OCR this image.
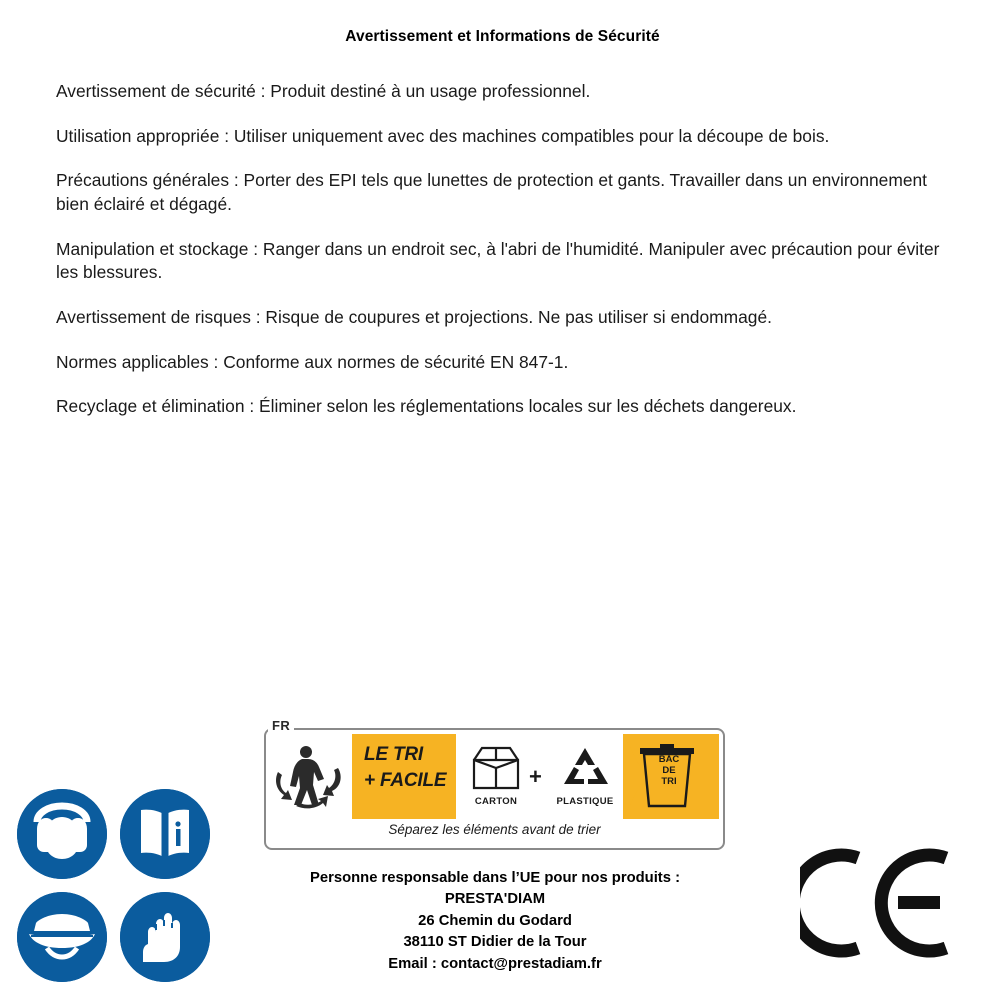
Avertissement et Informations de Sécurité
Avertissement de sécurité : Produit destiné à un usage professionnel.
Utilisation appropriée : Utiliser uniquement avec des machines compatibles pour la découpe de bois.
Précautions générales : Porter des EPI tels que lunettes de protection et gants. Travailler dans un environnement bien éclairé et dégagé.
Manipulation et stockage : Ranger dans un endroit sec, à l'abri de l'humidité. Manipuler avec précaution pour éviter les blessures.
Avertissement de risques : Risque de coupures et projections. Ne pas utiliser si endommagé.
Normes applicables : Conforme aux normes de sécurité EN 847-1.
Recyclage et élimination : Éliminer selon les réglementations locales sur les déchets dangereux.
FR
LE TRI
+ FACILE
CARTON
+
PLASTIQUE
BAC
DE
TRI
Séparez les éléments avant de trier
Personne responsable dans l’UE pour nos produits :
PRESTA'DIAM
26 Chemin du Godard
38110 ST Didier de la Tour
Email : contact@prestadiam.fr
